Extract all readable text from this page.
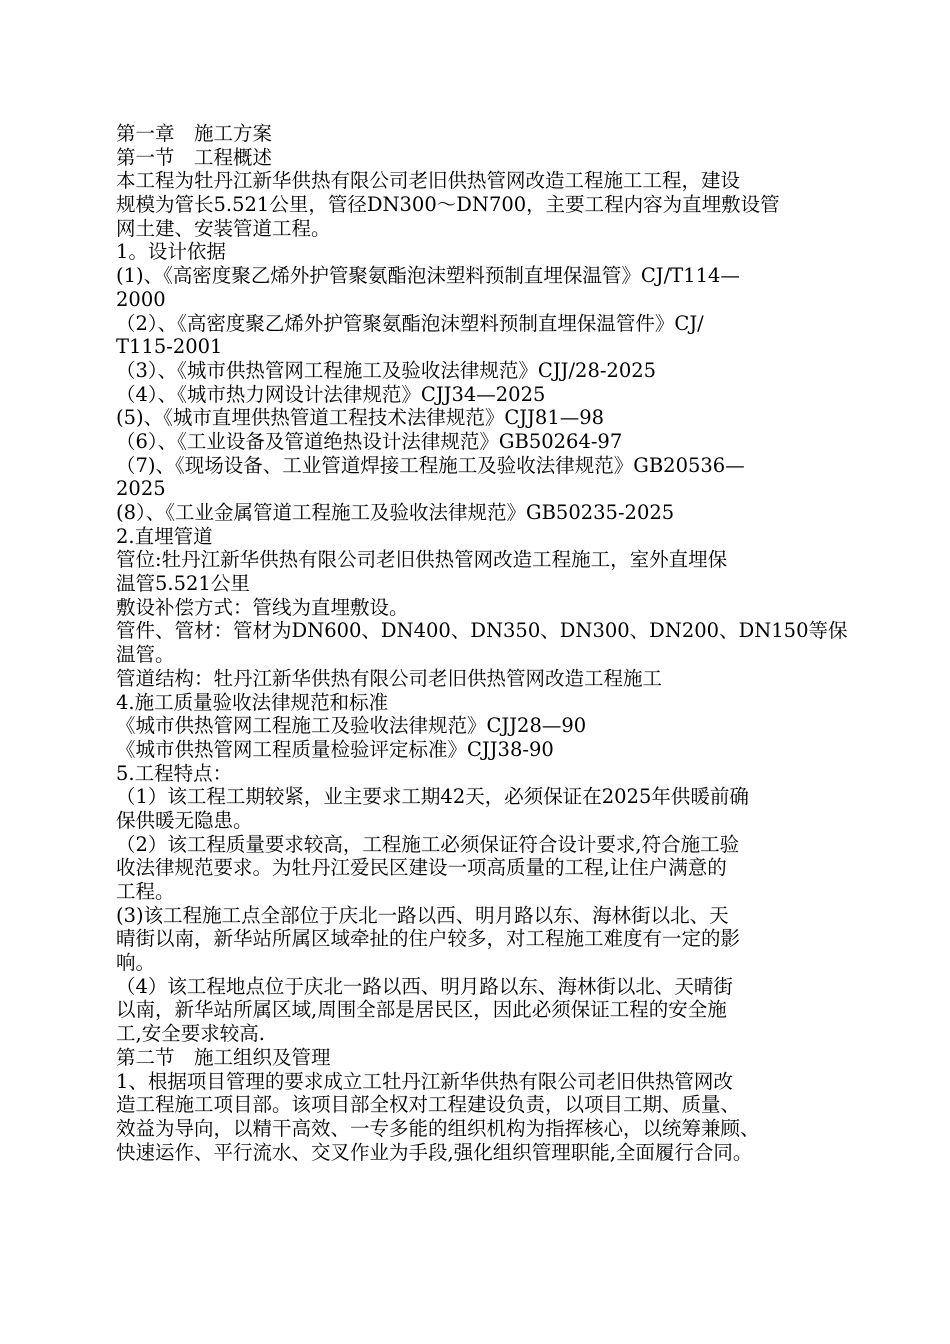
第一章　施工方案
第一节　工程概述
本工程为牡丹江新华供热有限公司老旧供热管网改造工程施工工程，建设
规模为管长5.521公里，管径DN300～DN700，主要工程内容为直埋敷设管
网土建、安装管道工程。
1。设计依据
(1)、《高密度聚乙烯外护管聚氨酯泡沫塑料预制直埋保温管》CJ/T114—
2000
（2）、《高密度聚乙烯外护管聚氨酯泡沫塑料预制直埋保温管件》CJ/
T115-2001
（3）、《城市供热管网工程施工及验收法律规范》CJJ/28-2025
（4）、《城市热力网设计法律规范》CJJ34—2025
(5)、《城市直埋供热管道工程技术法律规范》CJJ81—98
（6）、《工业设备及管道绝热设计法律规范》GB50264-97
（7)、《现场设备、工业管道焊接工程施工及验收法律规范》GB20536—
2025
(8）、《工业金属管道工程施工及验收法律规范》GB50235-2025
2.直埋管道
管位:牡丹江新华供热有限公司老旧供热管网改造工程施工，室外直埋保
温管5.521公里
敷设补偿方式：管线为直埋敷设。
管件、管材：管材为DN600、DN400、DN350、DN300、DN200、DN150等保
温管。
管道结构：牡丹江新华供热有限公司老旧供热管网改造工程施工
4.施工质量验收法律规范和标准
《城市供热管网工程施工及验收法律规范》CJJ28—90
《城市供热管网工程质量检验评定标准》CJJ38-90
5.工程特点：
（1）该工程工期较紧，业主要求工期42天，必须保证在2025年供暖前确
保供暖无隐患。
（2）该工程质量要求较高，工程施工必须保证符合设计要求,符合施工验
收法律规范要求。为牡丹江爱民区建设一项高质量的工程,让住户满意的
工程。
(3)该工程施工点全部位于庆北一路以西、明月路以东、海林街以北、天
晴街以南，新华站所属区域牵扯的住户较多，对工程施工难度有一定的影
响。
（4）该工程地点位于庆北一路以西、明月路以东、海林街以北、天晴街
以南，新华站所属区域,周围全部是居民区，因此必须保证工程的安全施
工,安全要求较高.
第二节　施工组织及管理
1、根据项目管理的要求成立工牡丹江新华供热有限公司老旧供热管网改
造工程施工项目部。该项目部全权对工程建设负责，以项目工期、质量、
效益为导向，以精干高效、一专多能的组织机构为指挥核心，以统筹兼顾、
快速运作、平行流水、交叉作业为手段,强化组织管理职能,全面履行合同。
